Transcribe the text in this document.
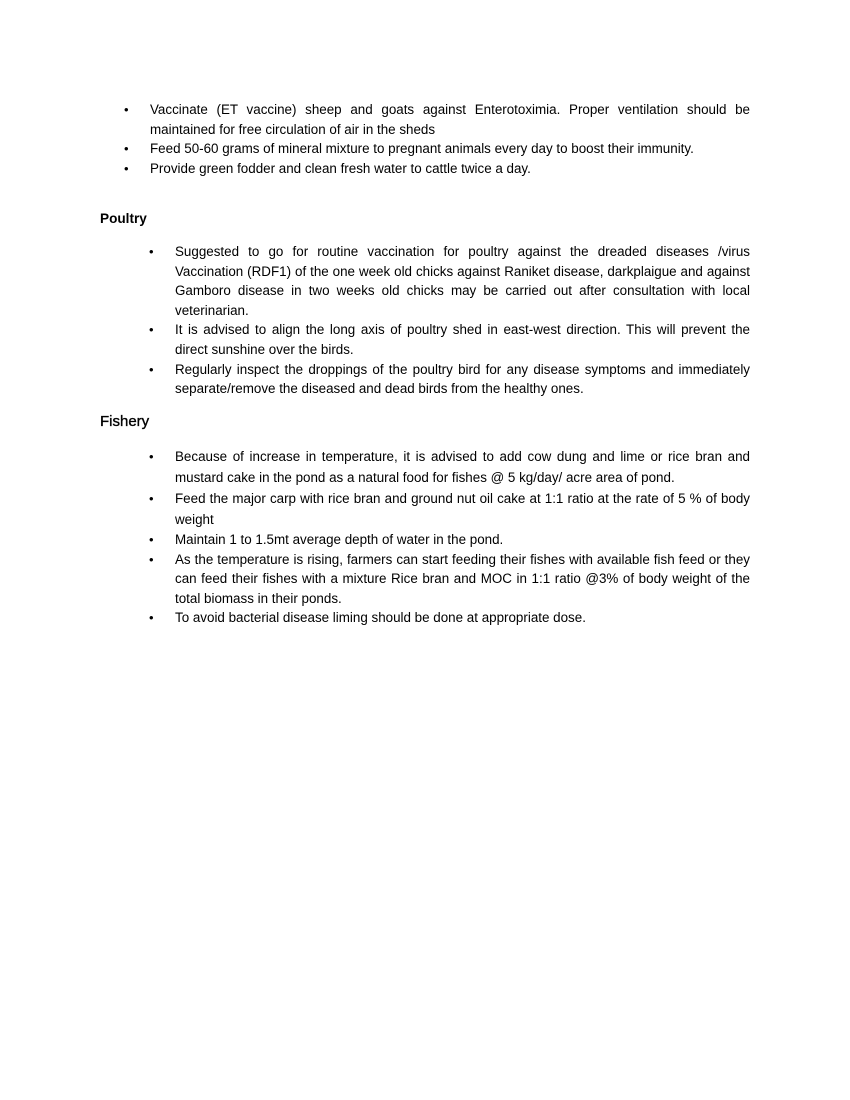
• Vaccinate (ET vaccine) sheep and goats against Enterotoximia. Proper ventilation should be maintained for free circulation of air in the sheds
• Feed 50-60 grams of mineral mixture to pregnant animals every day to boost their immunity.
• Provide green fodder and clean fresh water to cattle twice a day.
Poultry
• Suggested to go for routine vaccination for poultry against the dreaded diseases /virus Vaccination (RDF1) of the one week old chicks against Raniket disease, darkplaigue and against Gamboro disease in two weeks old chicks may be carried out after consultation with local veterinarian.
• It is advised to align the long axis of poultry shed in east-west direction. This will prevent the direct sunshine over the birds.
• Regularly inspect the droppings of the poultry bird for any disease symptoms and immediately separate/remove the diseased and dead birds from the healthy ones.
Fishery
• Because of increase in temperature, it is advised to add cow dung and lime or rice bran and mustard cake in the pond as a natural food for fishes @ 5 kg/day/ acre area of pond.
• Feed the major carp with rice bran and ground nut oil cake at 1:1 ratio at the rate of 5 % of body weight
• Maintain 1 to 1.5mt average depth of water in the pond.
• As the temperature is rising, farmers can start feeding their fishes with available fish feed or they can feed their fishes with a mixture Rice bran and MOC in 1:1 ratio @3% of body weight of the total biomass in their ponds.
• To avoid bacterial disease liming should be done at appropriate dose.
